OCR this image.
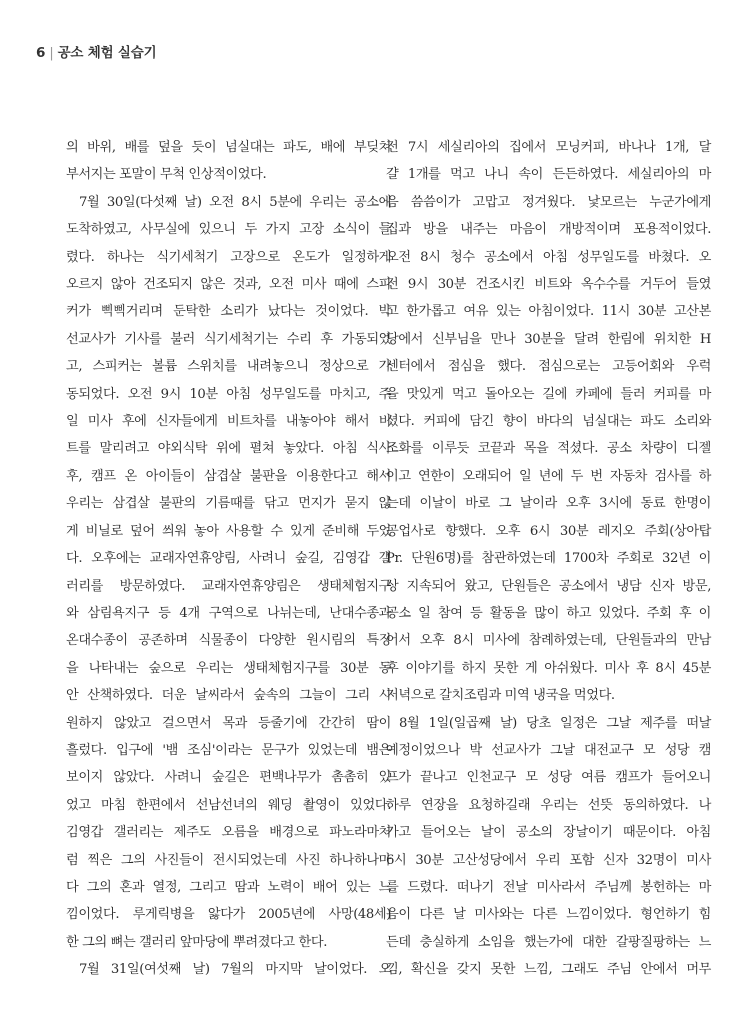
6 | 공소 체험 실습기

의 바위, 배를 덮을 듯이 넘실대는 파도, 배에 부딪쳐
부서지는 포말이 무척 인상적이었다.

7월 30일(다섯째 날) 오전 8시 5분에 우리는 공소에
도착하였고, 사무실에 있으니 두 가지 고장 소식이 들
렸다. 하나는 식기세척기 고장으로 온도가 일정하게
오르지 않아 건조되지 않은 것과, 오전 미사 때에 스피
커가 삑삑거리며 둔탁한 소리가 났다는 것이었다. 박
선교사가 기사를 불러 식기세척기는 수리 후 가동되었
고, 스피커는 볼륨 스위치를 내려놓으니 정상으로 가
동되었다. 오전 9시 10분 아침 성무일도를 마치고, 주
일 미사 후에 신자들에게 비트차를 내놓아야 해서 비
트를 말리려고 야외식탁 위에 펼쳐 놓았다. 아침 식사
후, 캠프 온 아이들이 삼겹살 불판을 이용한다고 해서
우리는 삼겹살 불판의 기름때를 닦고 먼지가 묻지 않
게 비닐로 덮어 씌워 놓아 사용할 수 있게 준비해 두었
다. 오후에는 교래자연휴양림, 사려니 숲길, 김영갑 갤
러리를 방문하였다. 교래자연휴양림은 생태체험지구
와 삼림욕지구 등 4개 구역으로 나뉘는데, 난대수종과
온대수종이 공존하며 식물종이 다양한 원시림의 특징
을 나타내는 숲으로 우리는 생태체험지구를 30분 동
안 산책하였다. 더운 날씨라서 숲속의 그늘이 그리 시
원하지 않았고 걸으면서 목과 등줄기에 간간히 땀이
흘렀다. 입구에 '뱀 조심'이라는 문구가 있었는데 뱀은
보이지 않았다. 사려니 숲길은 편백나무가 촘촘히 있
었고 마침 한편에서 선남선녀의 웨딩 촬영이 있었다.
김영갑 갤러리는 제주도 오름을 배경으로 파노라마처
럼 찍은 그의 사진들이 전시되었는데 사진 하나하나마
다 그의 혼과 열정, 그리고 땀과 노력이 배어 있는 느
낌이었다. 루게릭병을 앓다가 2005년에 사망(48세)
한 그의 뼈는 갤러리 앞마당에 뿌려졌다고 한다.

7월 31일(여섯째 날) 7월의 마지막 날이었다. 오

전 7시 세실리아의 집에서 모닝커피, 바나나 1개, 달
걀 1개를 먹고 나니 속이 든든하였다. 세실리아의 마
음 씀씀이가 고맙고 정겨웠다. 낯모르는 누군가에게
집과 방을 내주는 마음이 개방적이며 포용적이었다.
오전 8시 청수 공소에서 아침 성무일도를 바쳤다. 오
전 9시 30분 건조시킨 비트와 옥수수를 거두어 들였
고 한가롭고 여유 있는 아침이었다. 11시 30분 고산본
당에서 신부님을 만나 30분을 달려 한림에 위치한 H
센터에서 점심을 했다. 점심으로는 고등어회와 우럭
을 맛있게 먹고 돌아오는 길에 카페에 들러 커피를 마
셨다. 커피에 담긴 향이 바다의 넘실대는 파도 소리와
조화를 이루듯 코끝과 목을 적셨다. 공소 차량이 디젤
이고 연한이 오래되어 일 년에 두 번 자동차 검사를 하
는데 이날이 바로 그 날이라 오후 3시에 동료 한명이
공업사로 향했다. 오후 6시 30분 레지오 주회(상아탑
Pr. 단원6명)를 참관하였는데 1700차 주회로 32년 이
상 지속되어 왔고, 단원들은 공소에서 냉담 신자 방문,
공소 일 참여 등 활동을 많이 하고 있었다. 주회 후 이
어서 오후 8시 미사에 참례하였는데, 단원들과의 만남
후 이야기를 하지 못한 게 아쉬웠다. 미사 후 8시 45분
저녁으로 갈치조림과 미역 냉국을 먹었다.

8월 1일(일곱째 날) 당초 일정은 그날 제주를 떠날
예정이었으나 박 선교사가 그날 대전교구 모 성당 캠
프가 끝나고 인천교구 모 성당 여름 캠프가 들어오니
하루 연장을 요청하길래 우리는 선뜻 동의하였다. 나
가고 들어오는 날이 공소의 장날이기 때문이다. 아침
6시 30분 고산성당에서 우리 포함 신자 32명이 미사
를 드렸다. 떠나기 전날 미사라서 주님께 봉헌하는 마
음이 다른 날 미사와는 다른 느낌이었다. 형언하기 힘
든데 충실하게 소임을 했는가에 대한 갈팡질팡하는 느
낌, 확신을 갖지 못한 느낌, 그래도 주님 안에서 머무
